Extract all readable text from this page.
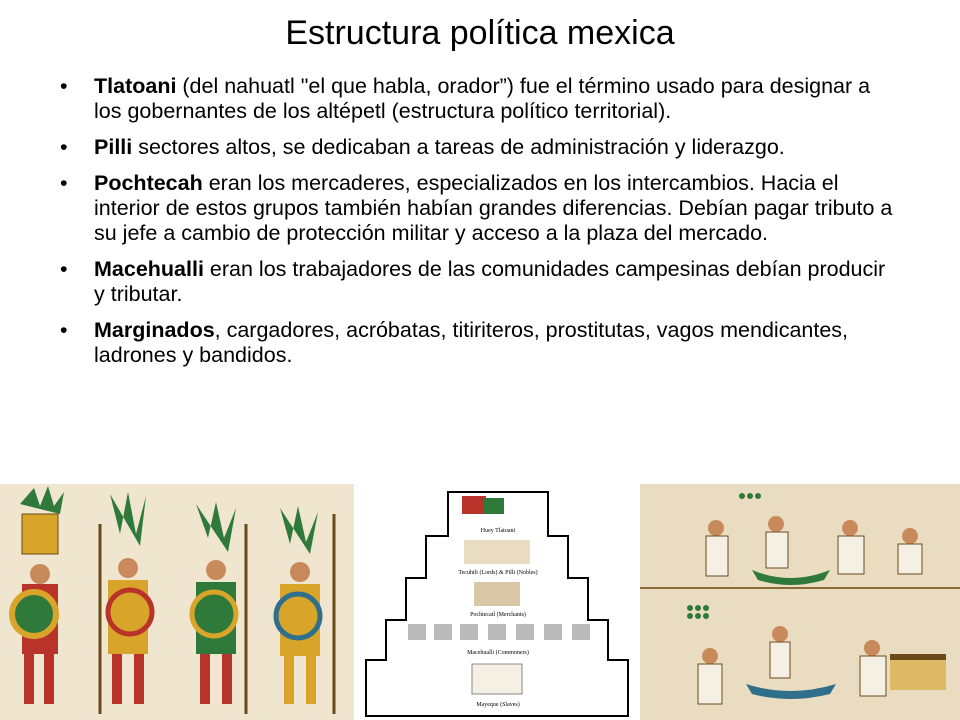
Estructura política mexica
• Tlatoani (del nahuatl "el que habla, orador”) fue el término usado para designar a los gobernantes de los altépetl (estructura político territorial).
• Pilli sectores altos, se dedicaban a tareas de administración y liderazgo.
• Pochtecah eran los mercaderes, especializados en los intercambios. Hacia el interior de estos grupos también habían grandes diferencias. Debían pagar tributo a su jefe a cambio de protección militar y acceso a la plaza del mercado.
• Macehualli eran los trabajadores de las comunidades campesinas debían producir y tributar.
• Marginados, cargadores, acróbatas, titiriteros, prostitutas, vagos mendicantes, ladrones y bandidos.
Huey Tlatoani
Tecuhtli (Lords) & Pilli (Nobles)
Pochtecatl (Merchants)
Macehualli (Commoners)
Mayeque (Slaves)
